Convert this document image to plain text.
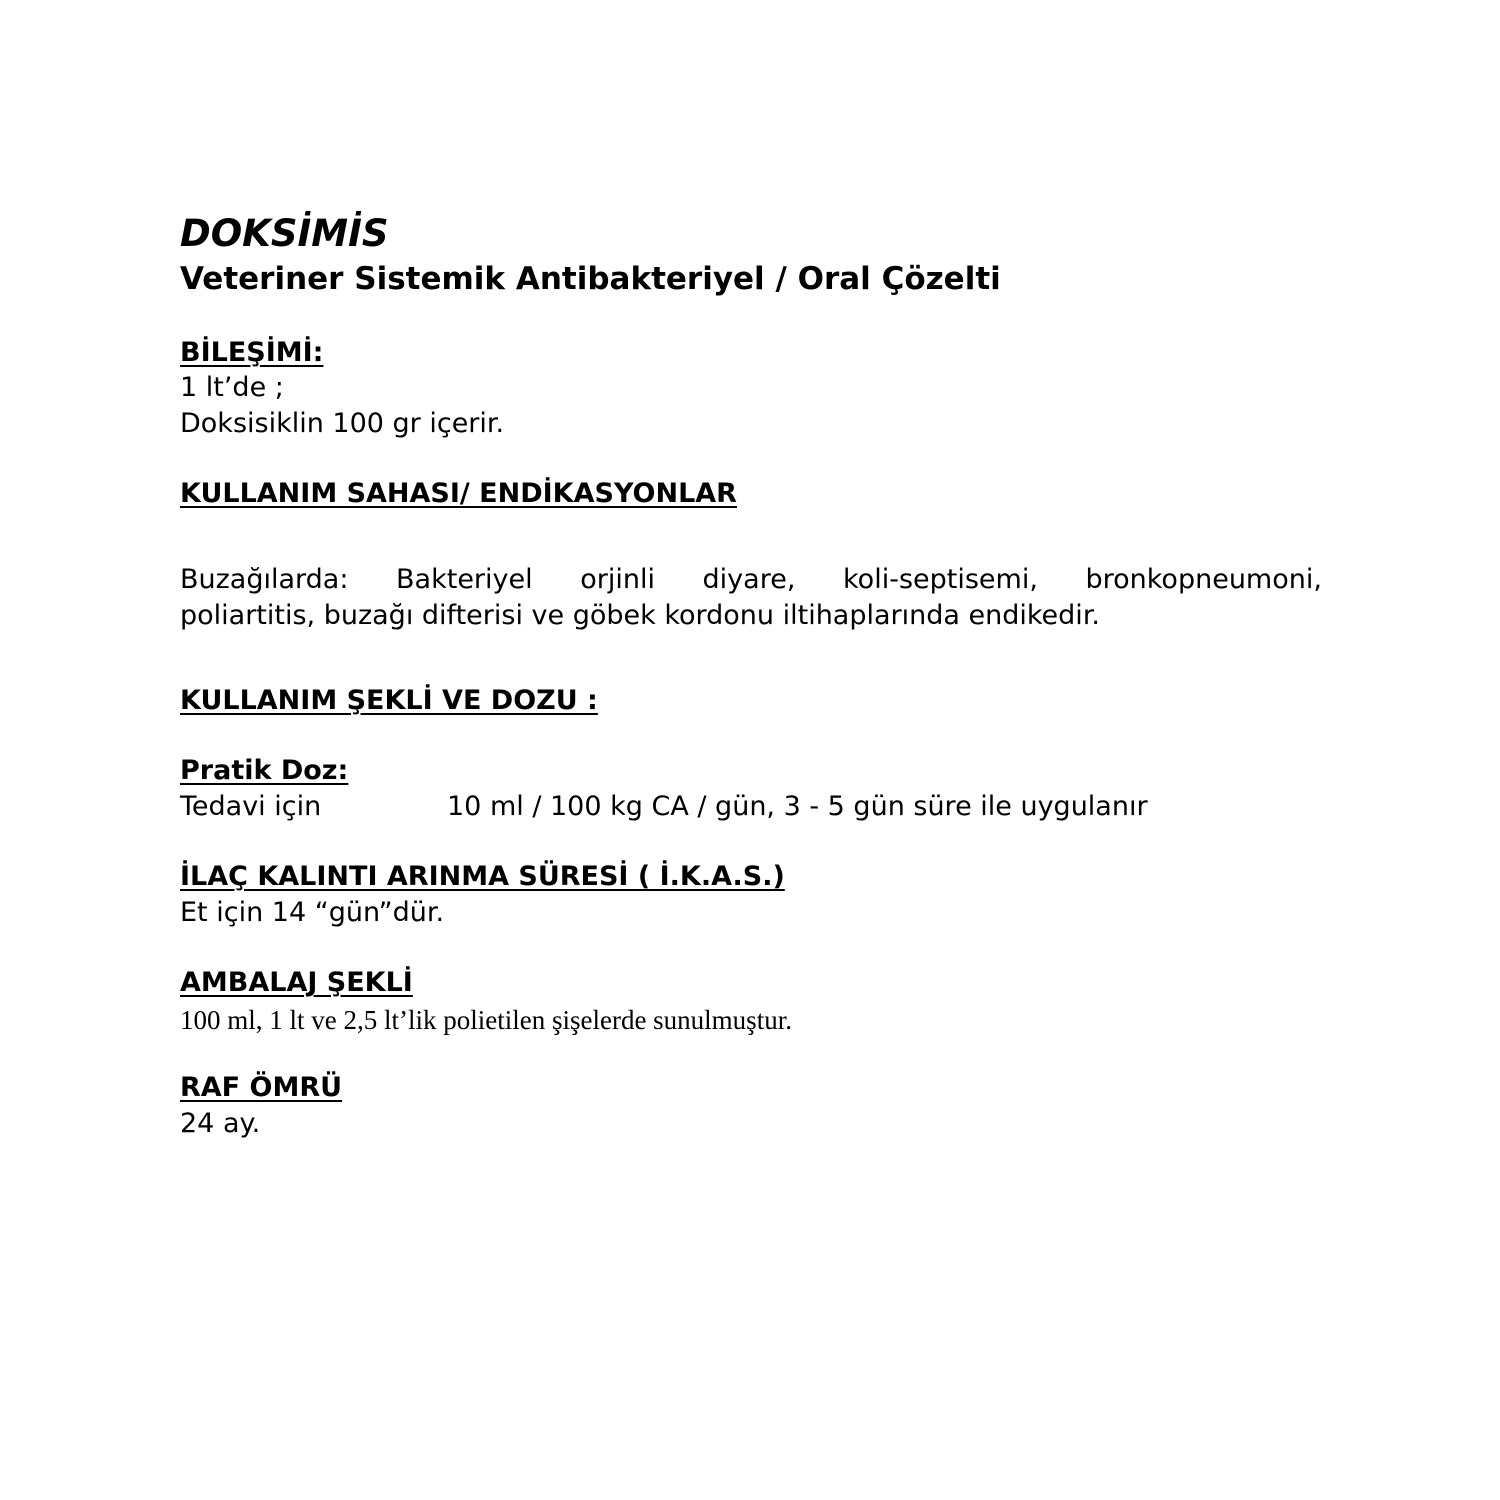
DOKSİMİS
Veteriner Sistemik Antibakteriyel / Oral Çözelti
BİLEŞİMİ:
1 lt’de ;
Doksisiklin 100 gr içerir.
KULLANIM SAHASI/ ENDİKASYONLAR
Buzağılarda: Bakteriyel orjinli diyare, koli-septisemi, bronkopneumoni,
poliartitis, buzağı difterisi ve göbek kordonu iltihaplarında endikedir.
KULLANIM ŞEKLİ VE DOZU :
Pratik Doz:
Tedavi için	10 ml / 100 kg CA / gün, 3 - 5 gün süre ile uygulanır
İLAÇ KALINTI ARINMA SÜRESİ ( İ.K.A.S.)
Et için 14 “gün”dür.
AMBALAJ ŞEKLİ
100 ml, 1 lt ve 2,5 lt’lik polietilen şişelerde sunulmuştur.
RAF ÖMRÜ
24 ay.
